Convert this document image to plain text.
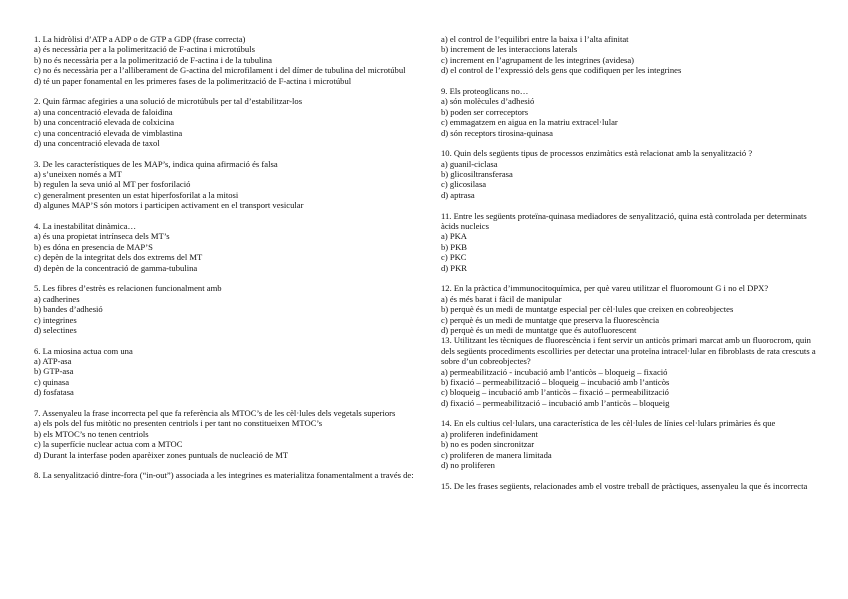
1. La hidròlisi d’ATP a ADP o de GTP a GDP (frase correcta)
a) és necessària per a la polimerització de F-actina i microtúbuls
b) no és necessària per a la polimerització de F-actina i de la tubulina
c) no és necessària per a l’alliberament de G-actina del microfilament i del dímer de tubulina del microtúbul
d) té un paper fonamental en les primeres fases de la polimerització de F-actina i microtúbul
2. Quin fàrmac afegiries a una solució de microtúbuls per tal d’estabilitzar-los
a) una concentració elevada de faloidina
b) una concentració elevada de colxicina
c) una concentració elevada de vimblastina
d) una concentració elevada de taxol
3. De les característiques de les MAP’s, indica quina afirmació és falsa
a) s’uneixen només a MT
b) regulen la seva unió al MT per fosforilació
c) generalment presenten un estat hiperfosforilat a la mitosi
d) algunes MAP’S són motors i participen activament en el transport vesicular
4. La inestabilitat dinàmica…
a) és una propietat intrínseca dels MT’s
b) es dóna en presencia de MAP’S
c) depèn de la integritat dels dos extrems del MT
d) depèn de la concentració de gamma-tubulina
5. Les fibres d’estrès es relacionen funcionalment amb
a) cadherines
b) bandes d’adhesió
c) integrines
d) selectines
6. La miosina actua com una
a) ATP-asa
b) GTP-asa
c) quinasa
d) fosfatasa
7. Assenyaleu la frase incorrecta pel que fa referència als MTOC’s de les cèl·lules dels vegetals superiors
a) els pols del fus mitòtic no presenten centriols i per tant no constitueixen MTOC’s
b) els MTOC’s no tenen centriols
c) la superfície nuclear actua com a MTOC
d) Durant la interfase poden aparèixer zones puntuals de nucleació de MT
8. La senyalització dintre-fora (“in-out”) associada a les integrines es materialitza fonamentalment a través de:
a) el control de l’equilibri entre la baixa i l’alta afinitat
b) increment de les interaccions laterals
c) increment en l’agrupament de les integrines (avidesa)
d) el control de l’expressió dels gens que codifiquen per les integrines
9. Els proteoglicans no…
a) són molècules d’adhesió
b) poden ser correceptors
c) emmagatzem en aigua en la matriu extracel·lular
d) són receptors tirosina-quinasa
10. Quin dels següents tipus de processos enzimàtics està relacionat amb la senyalització ?
a) guanil-ciclasa
b) glicosiltransferasa
c) glicosilasa
d) aptrasa
11. Entre les següents proteïna-quinasa mediadores de senyalització, quina està controlada per determinats àcids nucleics
a) PKA
b) PKB
c) PKC
d) PKR
12. En la pràctica d’immunocitoquímica, per què vareu utilitzar el fluoromount G i no el DPX?
a) és més barat i fàcil de manipular
b) perquè és un medi de muntatge especial per cèl·lules que creixen en cobreobjectes
c) perquè és un medi de muntatge que preserva la fluorescència
d) perquè és un medi de muntatge que és autofluorescent
13. Utilitzant les tècniques de fluorescència i fent servir un anticòs primari marcat amb un fluorocrom, quin dels següents procediments escolliries per detectar una proteïna intracel·lular en fibroblasts de rata crescuts a sobre d’un cobreobjectes?
a) permeabilització - incubació amb l’anticòs – bloqueig – fixació
b) fixació – permeabilització – bloqueig – incubació amb l’anticòs
c) bloqueig – incubació amb l’anticòs – fixació – permeabilització
d) fixació – permeabilització – incubació amb l’anticòs – bloqueig
14. En els cultius cel·lulars, una característica de les cèl·lules de línies cel·lulars primàries és que
a) proliferen indefinidament
b) no es poden sincronitzar
c) proliferen de manera limitada
d) no proliferen
15. De les frases següents, relacionades amb el vostre treball de pràctiques, assenyaleu la que és incorrecta
